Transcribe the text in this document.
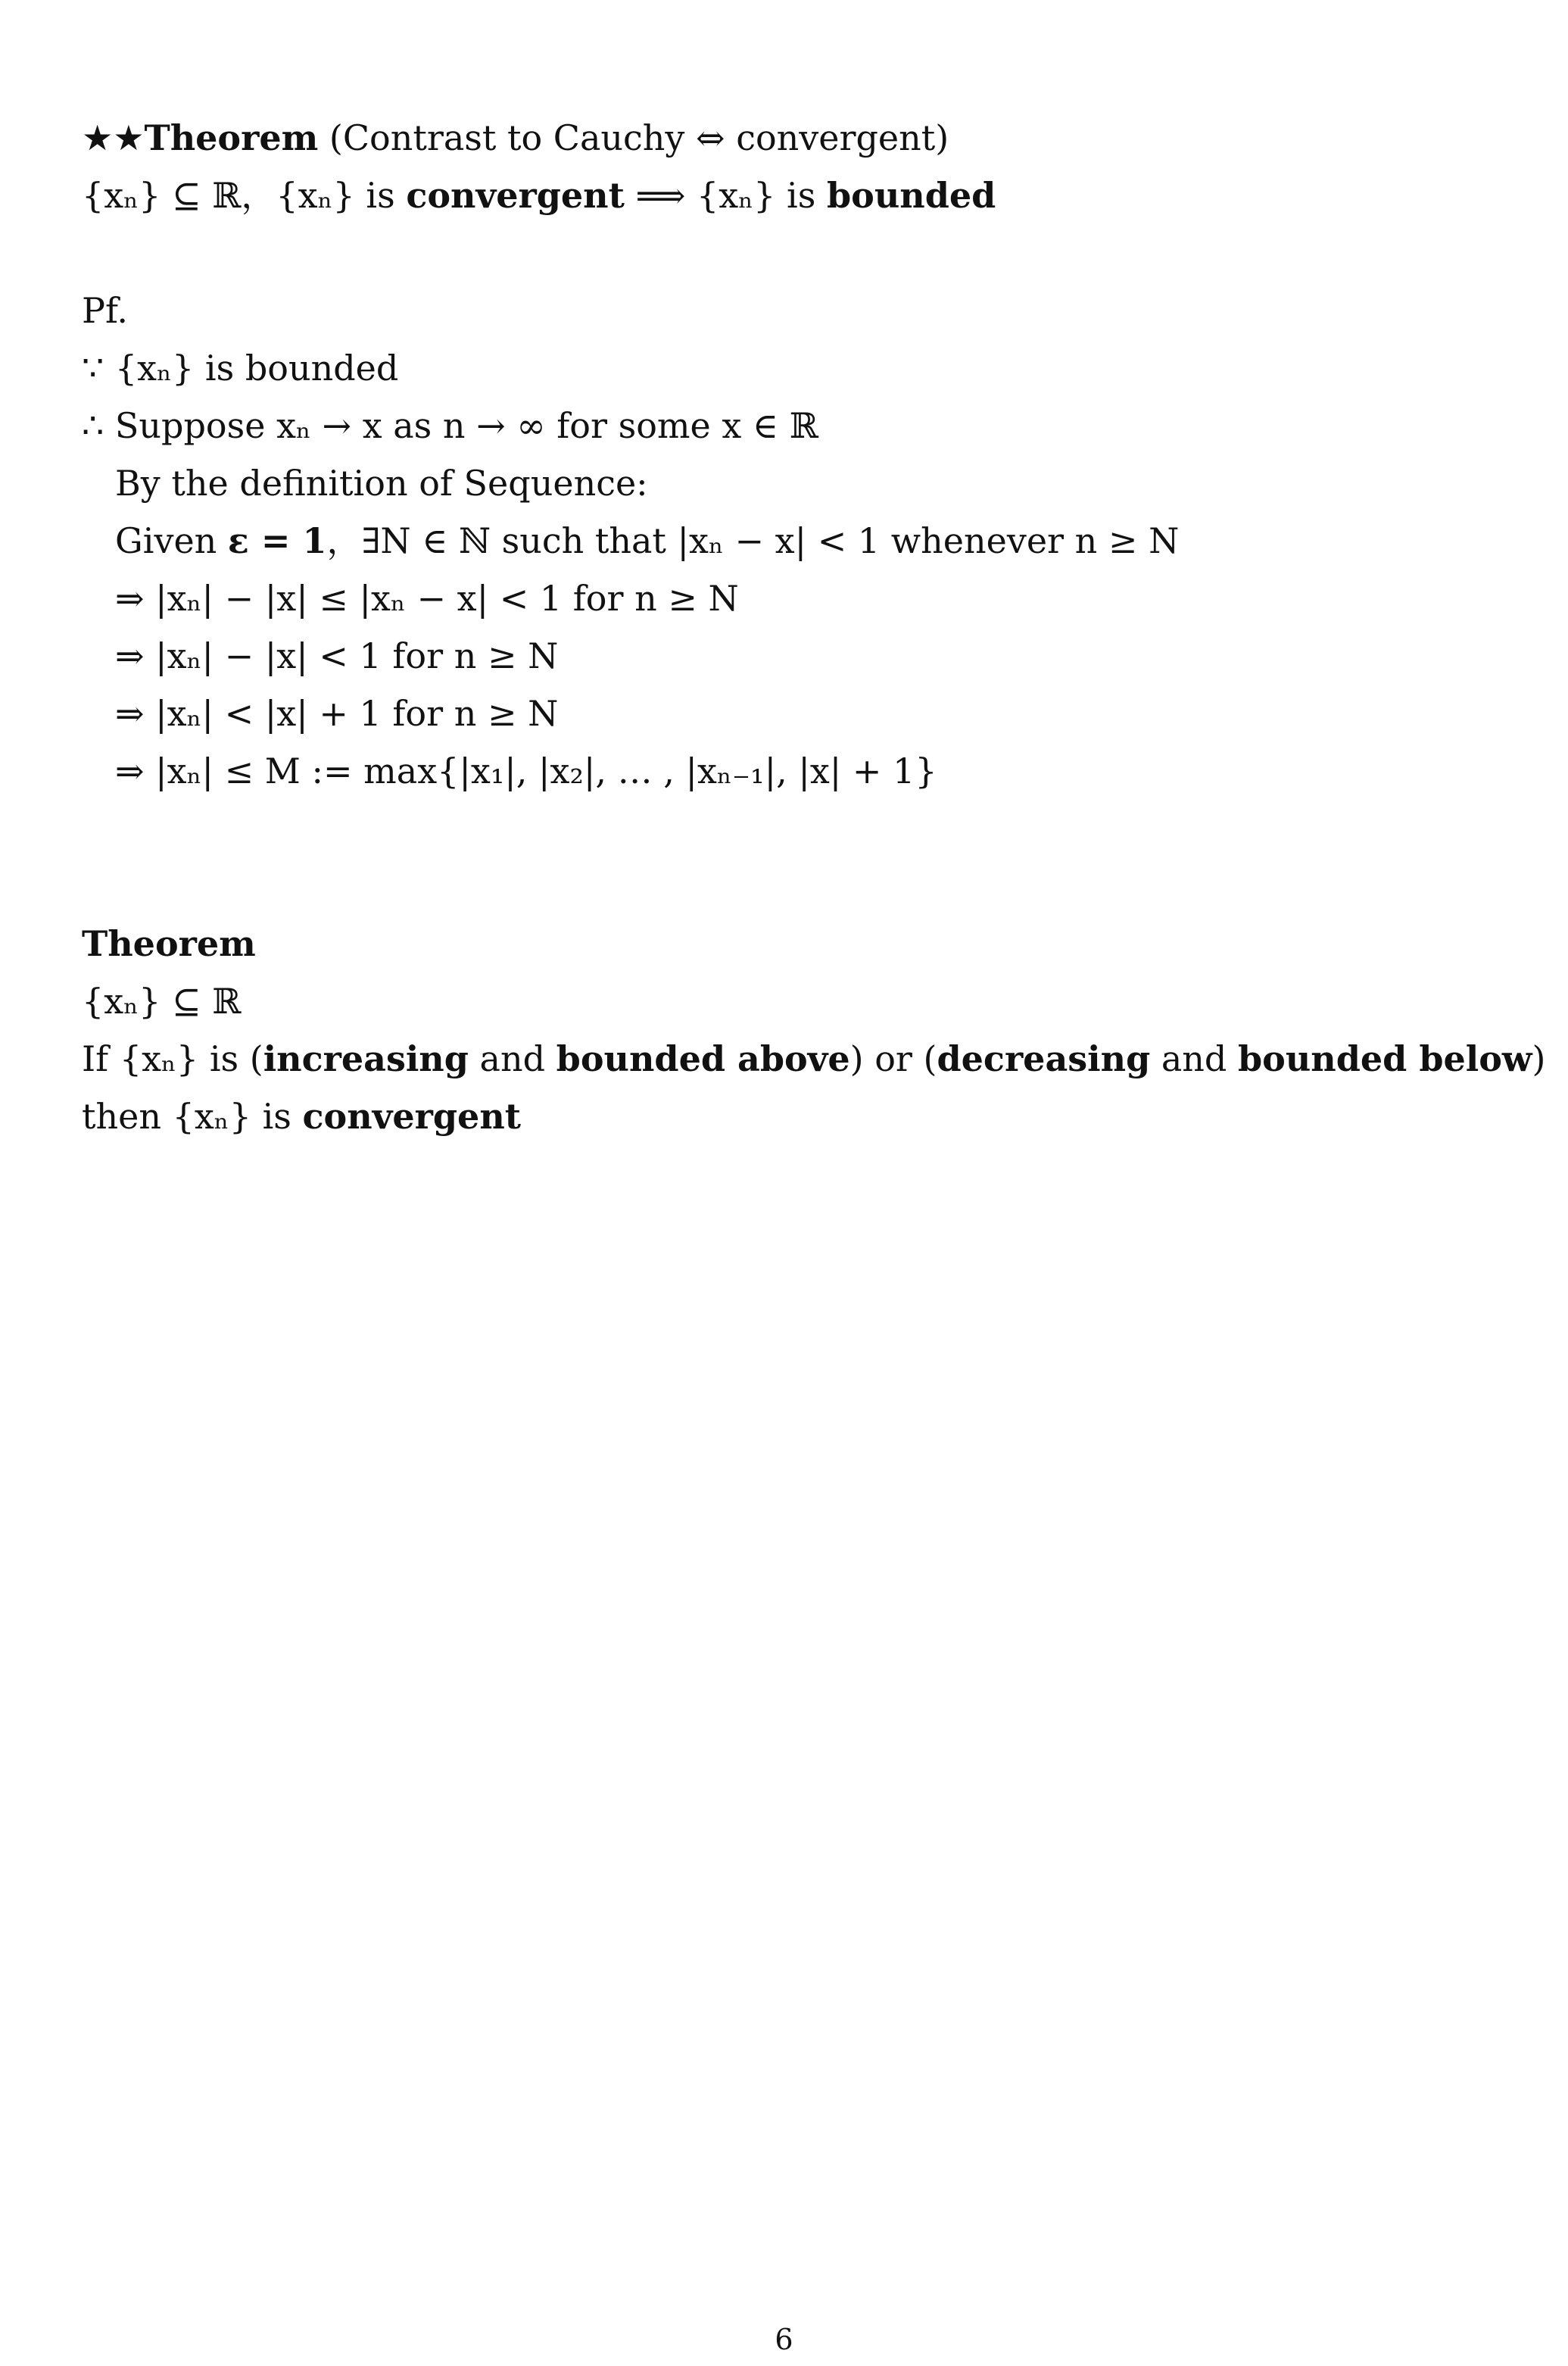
★★Theorem (Contrast to Cauchy ⇔ convergent)
{xₙ} ⊆ ℝ，{xₙ} is convergent ⟹ {xₙ} is bounded
Pf.
∵ {xₙ} is bounded
∴ Suppose xₙ → x as n → ∞ for some x ∈ ℝ
By the definition of Sequence:
Given ε = 1，∃N ∈ ℕ such that |xₙ − x| < 1 whenever n ≥ N
⇒ |xₙ| − |x| ≤ |xₙ − x| < 1 for n ≥ N
⇒ |xₙ| − |x| < 1 for n ≥ N
⇒ |xₙ| < |x| + 1 for n ≥ N
⇒ |xₙ| ≤ M := max{|x₁|, |x₂|, … , |xₙ₋₁|, |x| + 1}
Theorem
{xₙ} ⊆ ℝ
If {xₙ} is (increasing and bounded above) or (decreasing and bounded below)
then {xₙ} is convergent
6
